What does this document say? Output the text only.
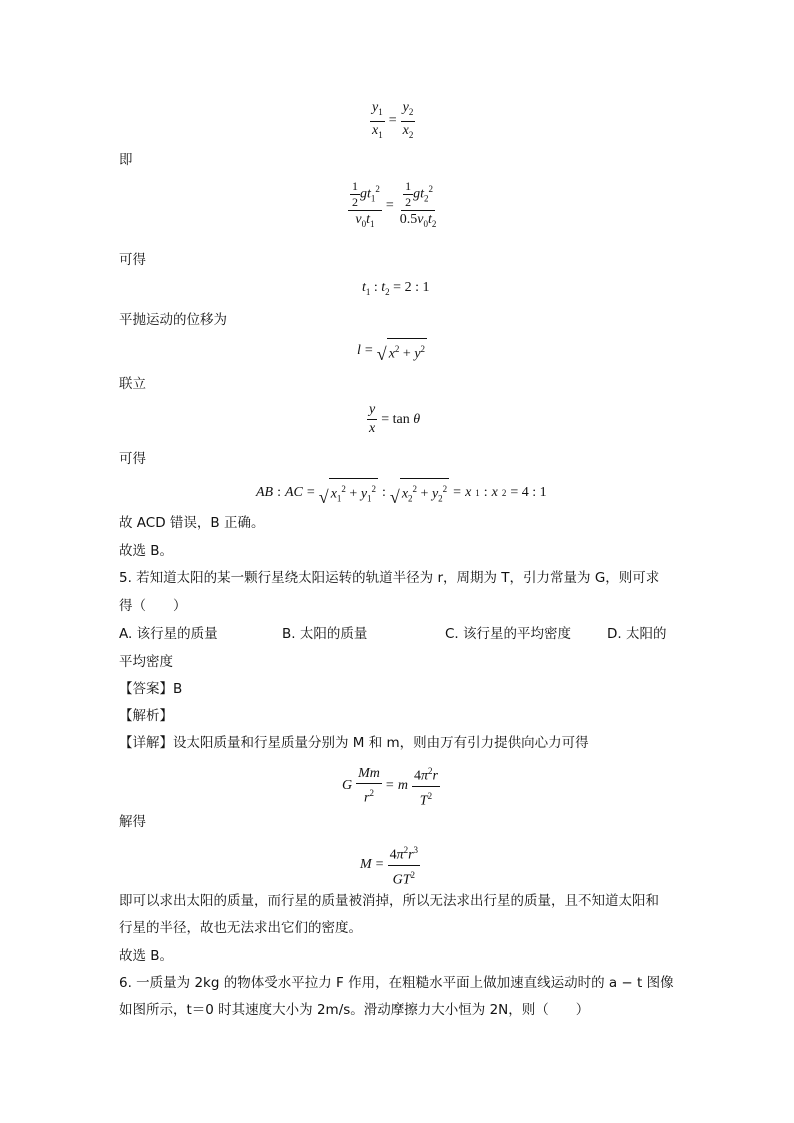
$\frac{y_1}{x_1} = \frac{y_2}{x_2}$
即
$\frac{\frac{1}{2} gt_1^2}{v_0t_1} = \frac{\frac{1}{2} gt_2^2}{0.5v_0t_2}$
可得
$t_1$ : $t_2 = 2$ : 1
平抛运动的位移为
l = √ $x^2 + y^2$
联立
$\frac{y}{x} = \tan \theta$
可得
AB : AC = √ $x_1^2 + y_1^2$ : √ $x_2^2 + y_2^2 = x$ 1 : x 2 = 4 : 1
故 ACD 错误，B 正确。
故选 B。
5. 若知道太阳的某一颗行星绕太阳运转的轨道半径为 r，周期为 T，引力常量为 G，则可求
得（　　）
A. 该行星的质量	B. 太阳的质量	C. 该行星的平均密度	D. 太阳的
平均密度
【答案】B
【解析】
【详解】设太阳质量和行星质量分别为 M 和 m，则由万有引力提供向心力可得
G $\frac{Mm}{r^2} = m \frac{4\pi^2r}{T^2}$
解得
$M = \frac{4\pi^2r^3}{GT^2}$
即可以求出太阳的质量，而行星的质量被消掉，所以无法求出行星的质量，且不知道太阳和
行星的半径，故也无法求出它们的密度。
故选 B。
6. 一质量为 2kg 的物体受水平拉力 F 作用，在粗糙水平面上做加速直线运动时的 a − t 图像
如图所示，t＝0 时其速度大小为 2m/s。滑动摩擦力大小恒为 2N，则（　　）
